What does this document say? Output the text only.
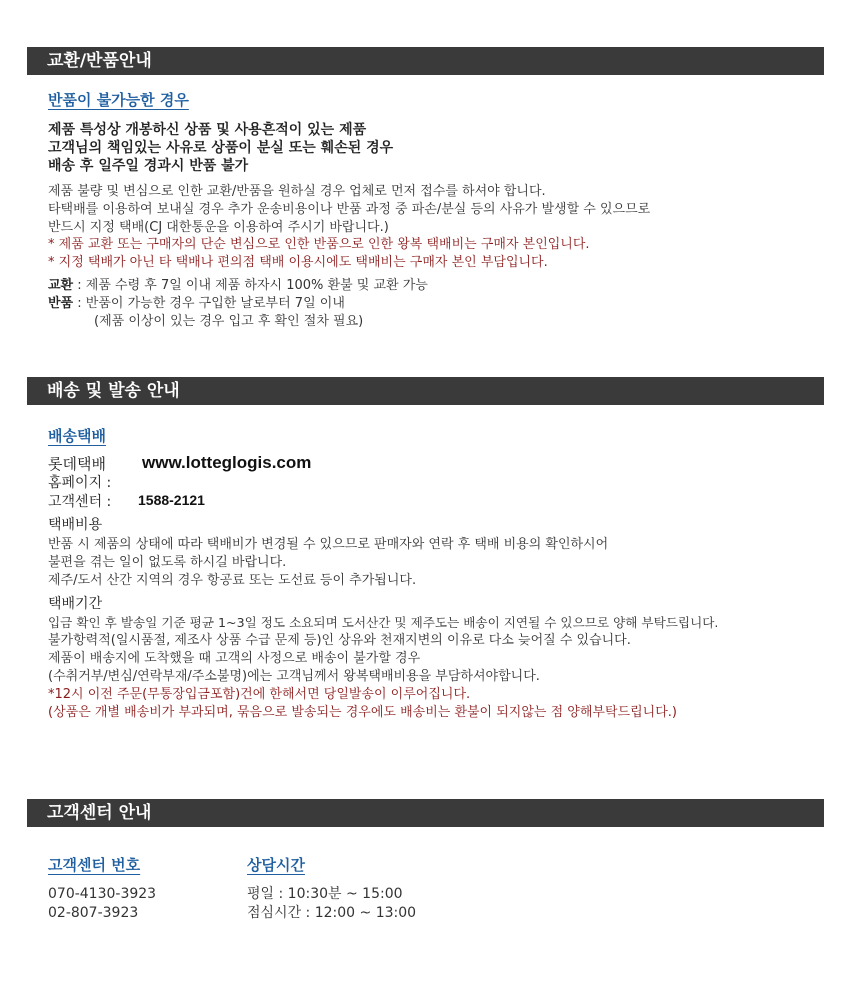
교환/반품안내
반품이 불가능한 경우
제품 특성상 개봉하신 상품 및 사용흔적이 있는 제품
고객님의 책임있는 사유로 상품이 분실 또는 훼손된 경우
배송 후 일주일 경과시 반품 불가
제품 불량 및 변심으로 인한 교환/반품을 원하실 경우 업체로 먼저 접수를 하셔야 합니다.
타택배를 이용하여 보내실 경우 추가 운송비용이나 반품 과정 중 파손/분실 등의 사유가 발생할 수 있으므로
반드시 지정 택배(CJ 대한통운을 이용하여 주시기 바랍니다.)
* 제품 교환 또는 구매자의 단순 변심으로 인한 반품으로 인한 왕복 택배비는 구매자 본인입니다.
* 지정 택배가 아닌 타 택배나 편의점 택배 이용시에도 택배비는 구매자 본인 부담입니다.
교환 : 제품 수령 후 7일 이내 제품 하자시 100% 환불 및 교환 가능
반품 : 반품이 가능한 경우 구입한 날로부터 7일 이내
(제품 이상이 있는 경우 입고 후 확인 절차 필요)
배송 및 발송 안내
배송택배
롯데택배 www.lotteglogis.com
홈페이지 :
고객센터 : 1588-2121
택배비용
반품 시 제품의 상태에 따라 택배비가 변경될 수 있으므로 판매자와 연락 후 택배 비용의 확인하시어
불편을 겪는 일이 없도록 하시길 바랍니다.
제주/도서 산간 지역의 경우 항공료 또는 도선료 등이 추가됩니다.
택배기간
입금 확인 후 발송일 기준 평균 1~3일 정도 소요되며 도서산간 및 제주도는 배송이 지연될 수 있으므로 양해 부탁드립니다.
불가항력적(일시품절, 제조사 상품 수급 문제 등)인 상유와 천재지변의 이유로 다소 늦어질 수 있습니다.
제품이 배송지에 도착했을 때 고객의 사정으로 배송이 불가할 경우
(수취거부/변심/연락부재/주소불명)에는 고객님께서 왕복택배비용을 부담하셔야합니다.
*12시 이전 주문(무통장입금포함)건에 한해서면 당일발송이 이루어집니다.
(상품은 개별 배송비가 부과되며, 묶음으로 발송되는 경우에도 배송비는 환불이 되지않는 점 양해부탁드립니다.)
고객센터 안내
고객센터 번호	상담시간
070-4130-3923
02-807-3923
평일 : 10:30분 ~ 15:00
점심시간 : 12:00 ~ 13:00
